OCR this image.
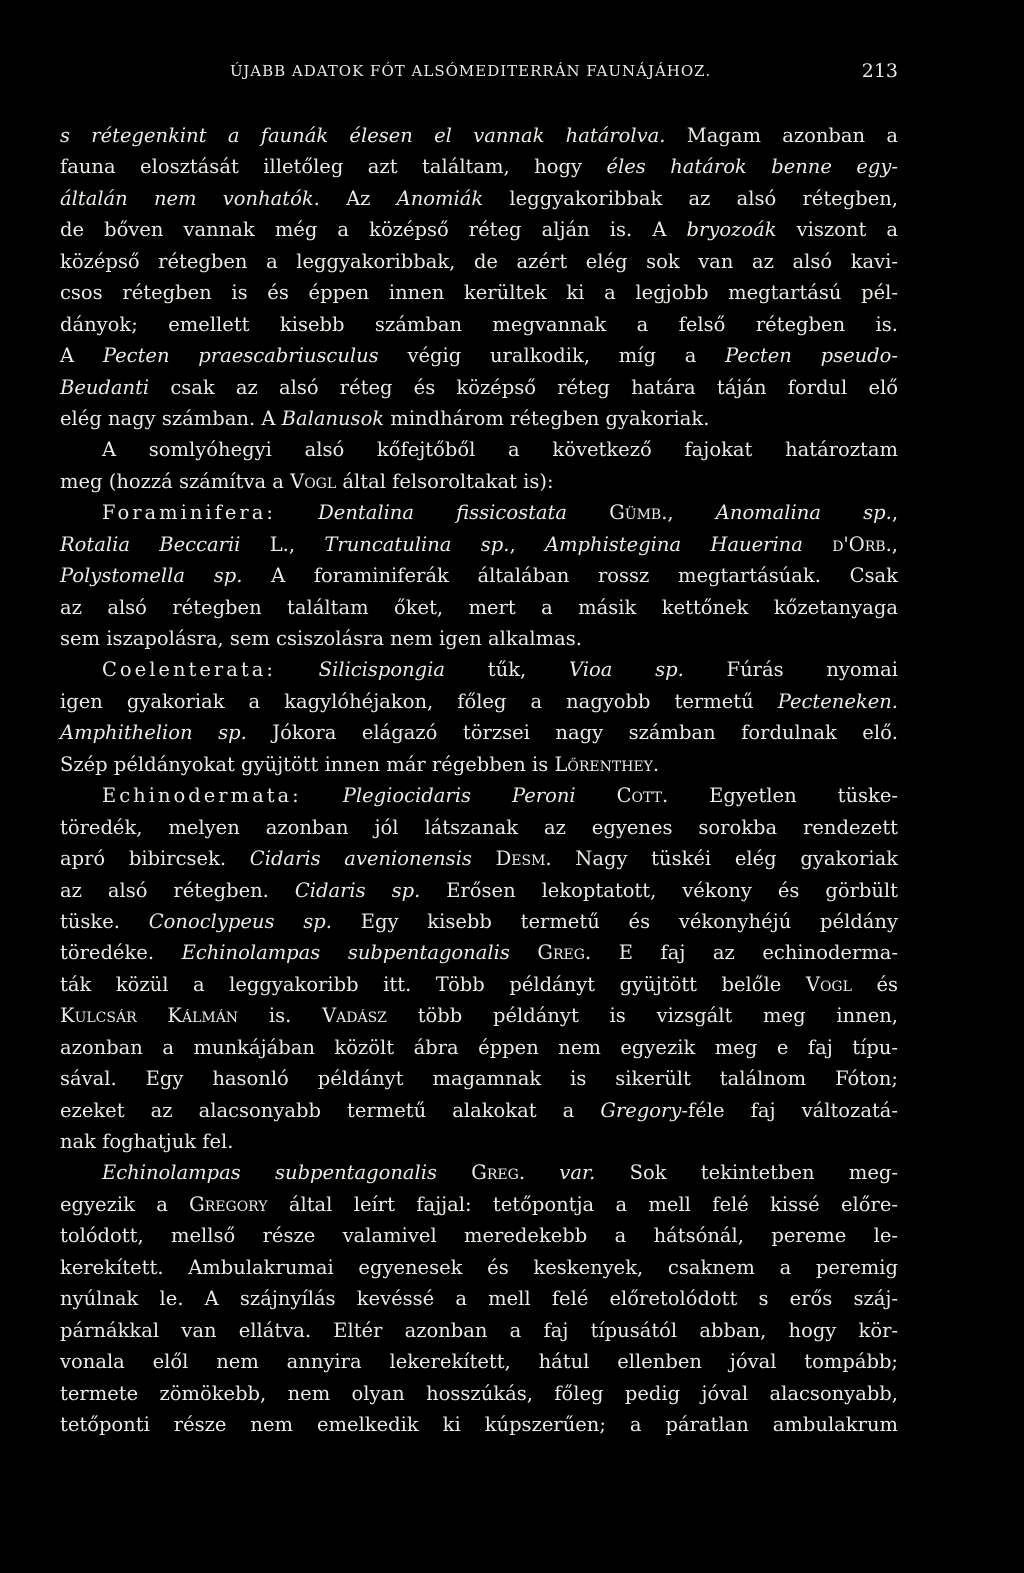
ÚJABB ADATOK FÓT ALSÓMEDITERRÁN FAUNÁJÁHOZ.	213
s rétegenkint a faunák élesen el vannak határolva. Magam azonban a
fauna elosztását illetőleg azt találtam, hogy éles határok benne egy-
általán nem vonhatók. Az Anomiák leggyakoribbak az alsó rétegben,
de bőven vannak még a középső réteg alján is. A bryozoák viszont a
középső rétegben a leggyakoribbak, de azért elég sok van az alsó kavi-
csos rétegben is és éppen innen kerültek ki a legjobb megtartású pél-
dányok; emellett kisebb számban megvannak a felső rétegben is.
A Pecten praescabriusculus végig uralkodik, míg a Pecten pseudo-
Beudanti csak az alsó réteg és középső réteg határa táján fordul elő
elég nagy számban. A Balanusok mindhárom rétegben gyakoriak.
A somlyóhegyi alsó kőfejtőből a következő fajokat határoztam
meg (hozzá számítva a Vogl által felsoroltakat is):
Foraminifera: Dentalina fissicostata Gümb., Anomalina sp.,
Rotalia Beccarii L., Truncatulina sp., Amphistegina Hauerina d'Orb.,
Polystomella sp. A foraminiferák általában rossz megtartásúak. Csak
az alsó rétegben találtam őket, mert a másik kettőnek kőzetanyaga
sem iszapolásra, sem csiszolásra nem igen alkalmas.
Coelenterata: Silicispongia tűk, Vioa sp. Fúrás nyomai
igen gyakoriak a kagylóhéjakon, főleg a nagyobb termetű Pecteneken.
Amphithelion sp. Jókora elágazó törzsei nagy számban fordulnak elő.
Szép példányokat gyüjtött innen már régebben is Lőrenthey.
Echinodermata: Plegiocidaris Peroni Cott. Egyetlen tüske-
töredék, melyen azonban jól látszanak az egyenes sorokba rendezett
apró bibircsek. Cidaris avenionensis Desm. Nagy tüskéi elég gyakoriak
az alsó rétegben. Cidaris sp. Erősen lekoptatott, vékony és görbült
tüske. Conoclypeus sp. Egy kisebb termetű és vékonyhéjú példány
töredéke. Echinolampas subpentagonalis Greg. E faj az echinoderma-
ták közül a leggyakoribb itt. Több példányt gyüjtött belőle Vogl és
Kulcsár Kálmán is. Vadász több példányt is vizsgált meg innen,
azonban a munkájában közölt ábra éppen nem egyezik meg e faj típu-
sával. Egy hasonló példányt magamnak is sikerült találnom Fóton;
ezeket az alacsonyabb termetű alakokat a Gregory-féle faj változatá-
nak foghatjuk fel.
Echinolampas subpentagonalis Greg. var. Sok tekintetben meg-
egyezik a Gregory által leírt fajjal: tetőpontja a mell felé kissé előre-
tolódott, mellső része valamivel meredekebb a hátsónál, pereme le-
kerekített. Ambulakrumai egyenesek és keskenyek, csaknem a peremig
nyúlnak le. A szájnyílás kevéssé a mell felé előretolódott s erős száj-
párnákkal van ellátva. Eltér azonban a faj típusától abban, hogy kör-
vonala elől nem annyira lekerekített, hátul ellenben jóval tompább;
termete zömökebb, nem olyan hosszúkás, főleg pedig jóval alacsonyabb,
tetőponti része nem emelkedik ki kúpszerűen; a páratlan ambulakrum
